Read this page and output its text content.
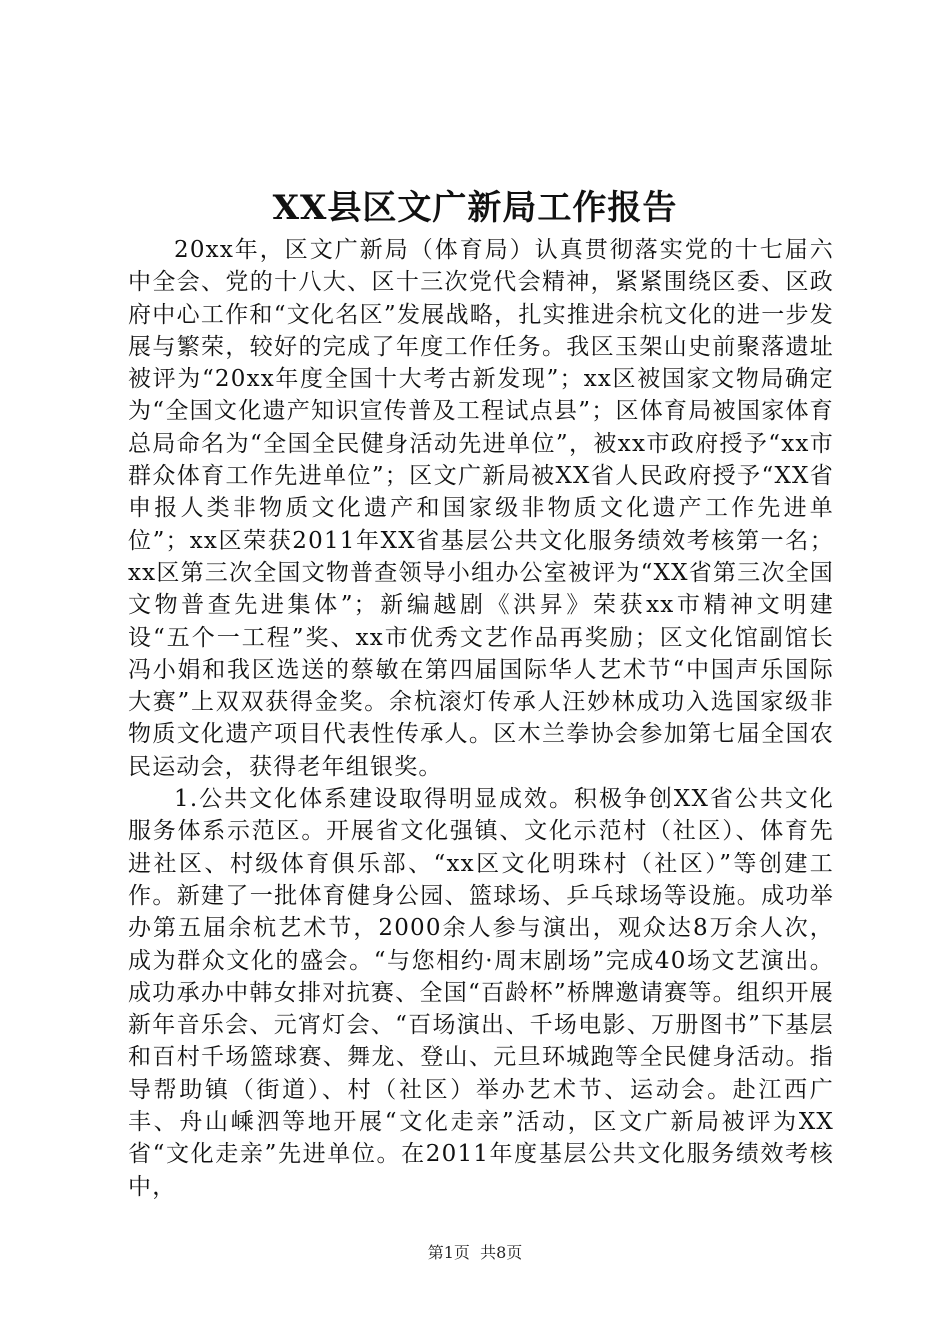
XX县区文广新局工作报告

20xx年，区文广新局（体育局）认真贯彻落实党的十七届六中全会、党的十八大、区十三次党代会精神，紧紧围绕区委、区政府中心工作和“文化名区”发展战略，扎实推进余杭文化的进一步发展与繁荣，较好的完成了年度工作任务。我区玉架山史前聚落遗址被评为“20xx年度全国十大考古新发现”；xx区被国家文物局确定为“全国文化遗产知识宣传普及工程试点县”；区体育局被国家体育总局命名为“全国全民健身活动先进单位”，被xx市政府授予“xx市群众体育工作先进单位”；区文广新局被XX省人民政府授予“XX省申报人类非物质文化遗产和国家级非物质文化遗产工作先进单位”；xx区荣获2011年XX省基层公共文化服务绩效考核第一名；xx区第三次全国文物普查领导小组办公室被评为“XX省第三次全国文物普查先进集体”；新编越剧《洪昇》荣获xx市精神文明建设“五个一工程”奖、xx市优秀文艺作品再奖励；区文化馆副馆长冯小娟和我区选送的蔡敏在第四届国际华人艺术节“中国声乐国际大赛”上双双获得金奖。余杭滚灯传承人汪妙林成功入选国家级非物质文化遗产项目代表性传承人。区木兰拳协会参加第七届全国农民运动会，获得老年组银奖。

1.公共文化体系建设取得明显成效。积极争创XX省公共文化服务体系示范区。开展省文化强镇、文化示范村（社区）、体育先进社区、村级体育俱乐部、“xx区文化明珠村（社区）”等创建工作。新建了一批体育健身公园、篮球场、乒乓球场等设施。成功举办第五届余杭艺术节，2000余人参与演出，观众达8万余人次，成为群众文化的盛会。“与您相约·周末剧场”完成40场文艺演出。成功承办中韩女排对抗赛、全国“百龄杯”桥牌邀请赛等。组织开展新年音乐会、元宵灯会、“百场演出、千场电影、万册图书”下基层和百村千场篮球赛、舞龙、登山、元旦环城跑等全民健身活动。指导帮助镇（街道）、村（社区）举办艺术节、运动会。赴江西广丰、舟山嵊泗等地开展“文化走亲”活动，区文广新局被评为XX省“文化走亲”先进单位。在2011年度基层公共文化服务绩效考核中，

第1页 共8页
